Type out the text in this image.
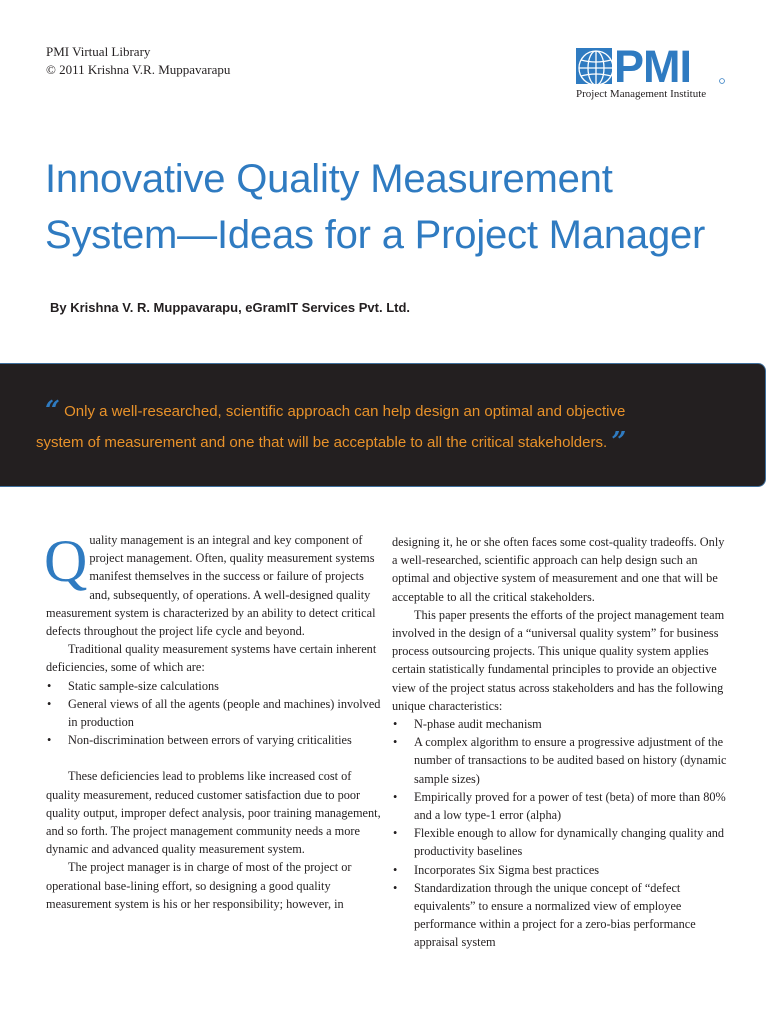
PMI Virtual Library
© 2011 Krishna V.R. Muppavarapu	PMI
Project Management Institute
Innovative Quality Measurement
System—Ideas for a Project Manager
By Krishna V. R. Muppavarapu, eGramIT Services Pvt. Ltd.
“ Only a well-researched, scientific approach can help design an optimal and objective
system of measurement and one that will be acceptable to all the critical stakeholders. ”

Quality management is an integral and key component of project management. Often, quality measurement systems manifest themselves in the success or failure of projects and, subsequently, of operations. A well-designed quality measurement system is characterized by an ability to detect critical defects throughout the project life cycle and beyond.

Traditional quality measurement systems have certain inherent deficiencies, some of which are:

• Static sample-size calculations
• General views of all the agents (people and machines) involved in production
• Non-discrimination between errors of varying criticalities

These deficiencies lead to problems like increased cost of quality measurement, reduced customer satisfaction due to poor quality output, improper defect analysis, poor training management, and so forth. The project management community needs a more dynamic and advanced quality measurement system.

The project manager is in charge of most of the project or operational base-lining effort, so designing a good quality measurement system is his or her responsibility; however, in

designing it, he or she often faces some cost-quality tradeoffs. Only a well-researched, scientific approach can help design such an optimal and objective system of measurement and one that will be acceptable to all the critical stakeholders.

This paper presents the efforts of the project management team involved in the design of a “universal quality system” for business process outsourcing projects. This unique quality system applies certain statistically fundamental principles to provide an objective view of the project status across stakeholders and has the following unique characteristics:

• N-phase audit mechanism
• A complex algorithm to ensure a progressive adjustment of the number of transactions to be audited based on history (dynamic sample sizes)
• Empirically proved for a power of test (beta) of more than 80% and a low type-1 error (alpha)
• Flexible enough to allow for dynamically changing quality and productivity baselines
• Incorporates Six Sigma best practices
• Standardization through the unique concept of “defect equivalents” to ensure a normalized view of employee performance within a project for a zero-bias performance appraisal system
